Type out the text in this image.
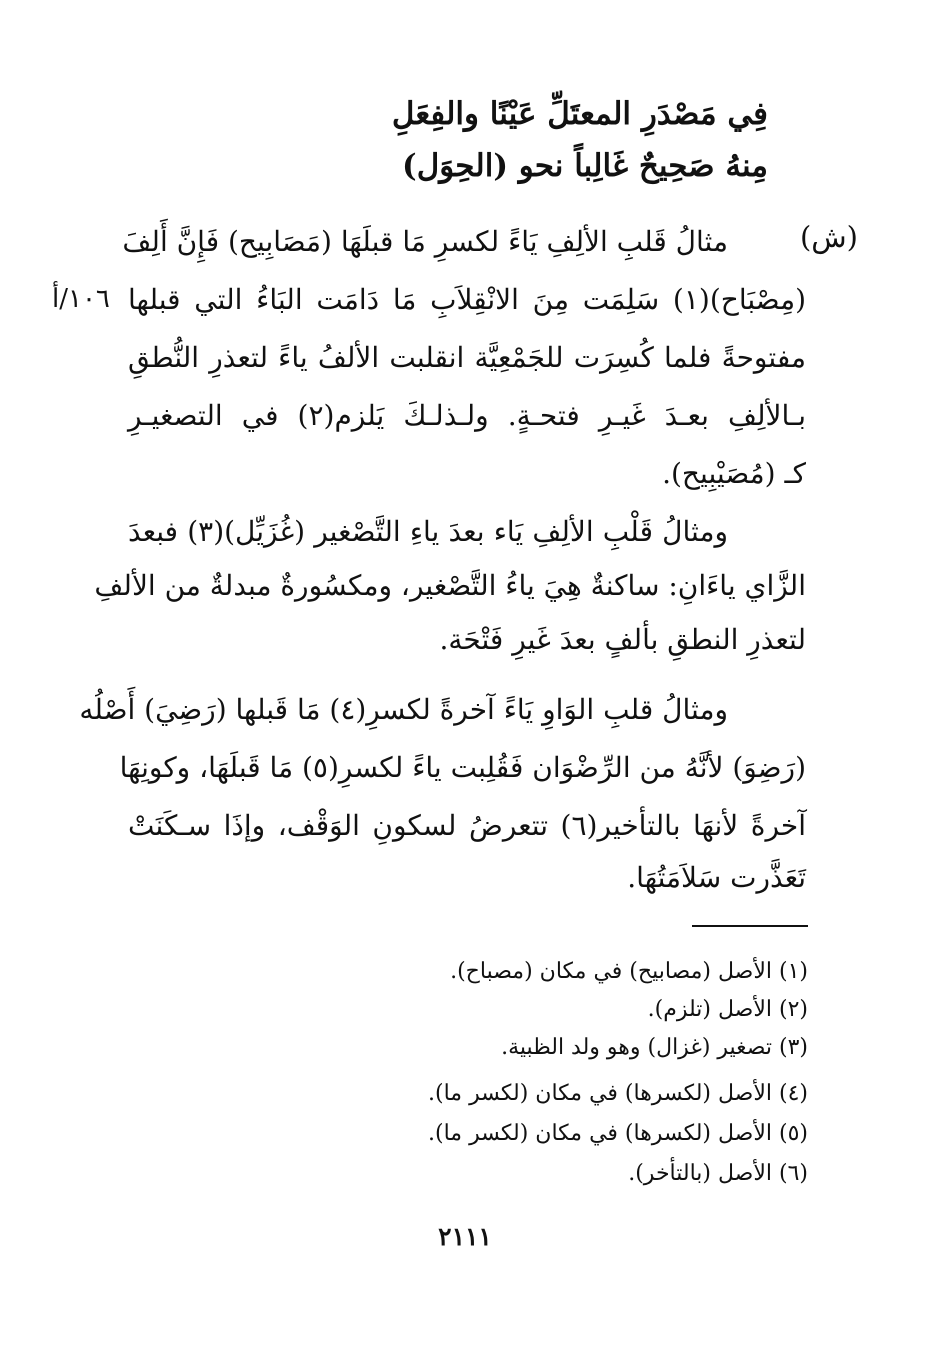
فِي مَصْدَرِ المعتَلِّ عَيْنًا والفِعَلِ
مِنهُ صَحِيحٌ غَالِباً نحو (الحِوَل)
(ش)
مثالُ قَلبِ الألِفِ يَاءً لكسرِ مَا قبلَهَا (مَصَابِيح) فَإِنَّ أَلِفَ
(مِصْبَاح)(١) سَلِمَت مِنَ الانْقِلاَبِ مَا دَامَت البَاءُ التي قبلها
مفتوحةً فلما كُسِرَت للجَمْعِيَّة انقلبت الألفُ ياءً لتعذرِ النُّطقِ
بـالألِفِ بعـدَ غَيـرِ فتحـةٍ. ولـذلـكَ يَلزم(٢) في التصغيـرِ
كـ (مُصَيْبِيح).
١٠٦/أ
ومثالُ قَلْبِ الألِفِ يَاء بعدَ ياءِ التَّصْغير (غُزَيِّل)(٣) فبعدَ
الزَّاي ياءَانِ: ساكنةٌ هِيَ ياءُ التَّصْغير، ومكسُورةٌ مبدلةٌ من الألفِ
لتعذرِ النطقِ بألفٍ بعدَ غَيرِ فَتْحَة.
ومثالُ قلبِ الوَاوِ يَاءً آخرةً لكسرِ(٤) مَا قَبلها (رَضِيَ) أَصْلُه
(رَضِوَ) لأنَّهُ من الرِّضْوَان فَقُلِبت ياءً لكسرِ(٥) مَا قَبلَهَا، وكونِهَا
آخرةً لأنهَا بالتأخير(٦) تتعرضُ لسكونِ الوَقْف، وإذَا سـكَنَتْ
تَعَذَّرت سَلاَمَتُهَا.
(١) الأصل (مصابيح) في مكان (مصباح).
(٢) الأصل (تلزم).
(٣) تصغير (غزال) وهو ولد الظبية.
(٤) الأصل (لكسرها) في مكان (لكسر ما).
(٥) الأصل (لكسرها) في مكان (لكسر ما).
(٦) الأصل (بالتأخر).
٢١١١
